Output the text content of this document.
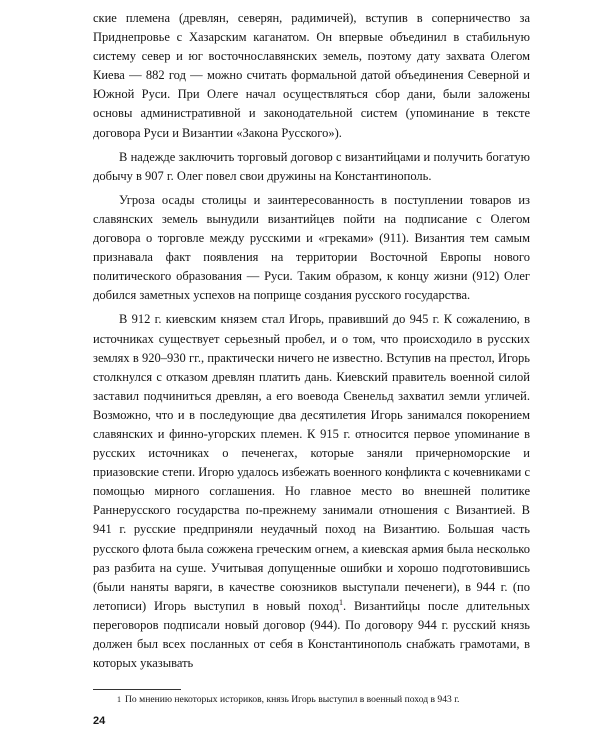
ские племена (древлян, северян, радимичей), вступив в соперничество за Приднепровье с Хазарским каганатом. Он впервые объединил в стабильную систему север и юг восточнославянских земель, поэтому дату захвата Олегом Киева — 882 год — можно считать формальной датой объединения Северной и Южной Руси. При Олеге начал осуществляться сбор дани, были заложены основы административной и законодательной систем (упоминание в тексте договора Руси и Византии «Закона Русского»).

В надежде заключить торговый договор с византийцами и получить богатую добычу в 907 г. Олег повел свои дружины на Константинополь.

Угроза осады столицы и заинтересованность в поступлении товаров из славянских земель вынудили византийцев пойти на подписание с Олегом договора о торговле между русскими и «греками» (911). Византия тем самым признавала факт появления на территории Восточной Европы нового политического образования — Руси. Таким образом, к концу жизни (912) Олег добился заметных успехов на поприще создания русского государства.

В 912 г. киевским князем стал Игорь, правивший до 945 г. К сожалению, в источниках существует серьезный пробел, и о том, что происходило в русских землях в 920–930 гг., практически ничего не известно. Вступив на престол, Игорь столкнулся с отказом древлян платить дань. Киевский правитель военной силой заставил подчиниться древлян, а его воевода Свенельд захватил земли угличей. Возможно, что и в последующие два десятилетия Игорь занимался покорением славянских и финно-угорских племен. К 915 г. относится первое упоминание в русских источниках о печенегах, которые заняли причерноморские и приазовские степи. Игорю удалось избежать военного конфликта с кочевниками с помощью мирного соглашения. Но главное место во внешней политике Раннерусского государства по-прежнему занимали отношения с Византией. В 941 г. русские предприняли неудачный поход на Византию. Большая часть русского флота была сожжена греческим огнем, а киевская армия была несколько раз разбита на суше. Учитывая допущенные ошибки и хорошо подготовившись (были наняты варяги, в качестве союзников выступали печенеги), в 944 г. (по летописи) Игорь выступил в новый поход$^1$. Византийцы после длительных переговоров подписали новый договор (944). По договору 944 г. русский князь должен был всех посланных от себя в Константинополь снабжать грамотами, в которых указывать

1 По мнению некоторых историков, князь Игорь выступил в военный поход в 943 г.
24
